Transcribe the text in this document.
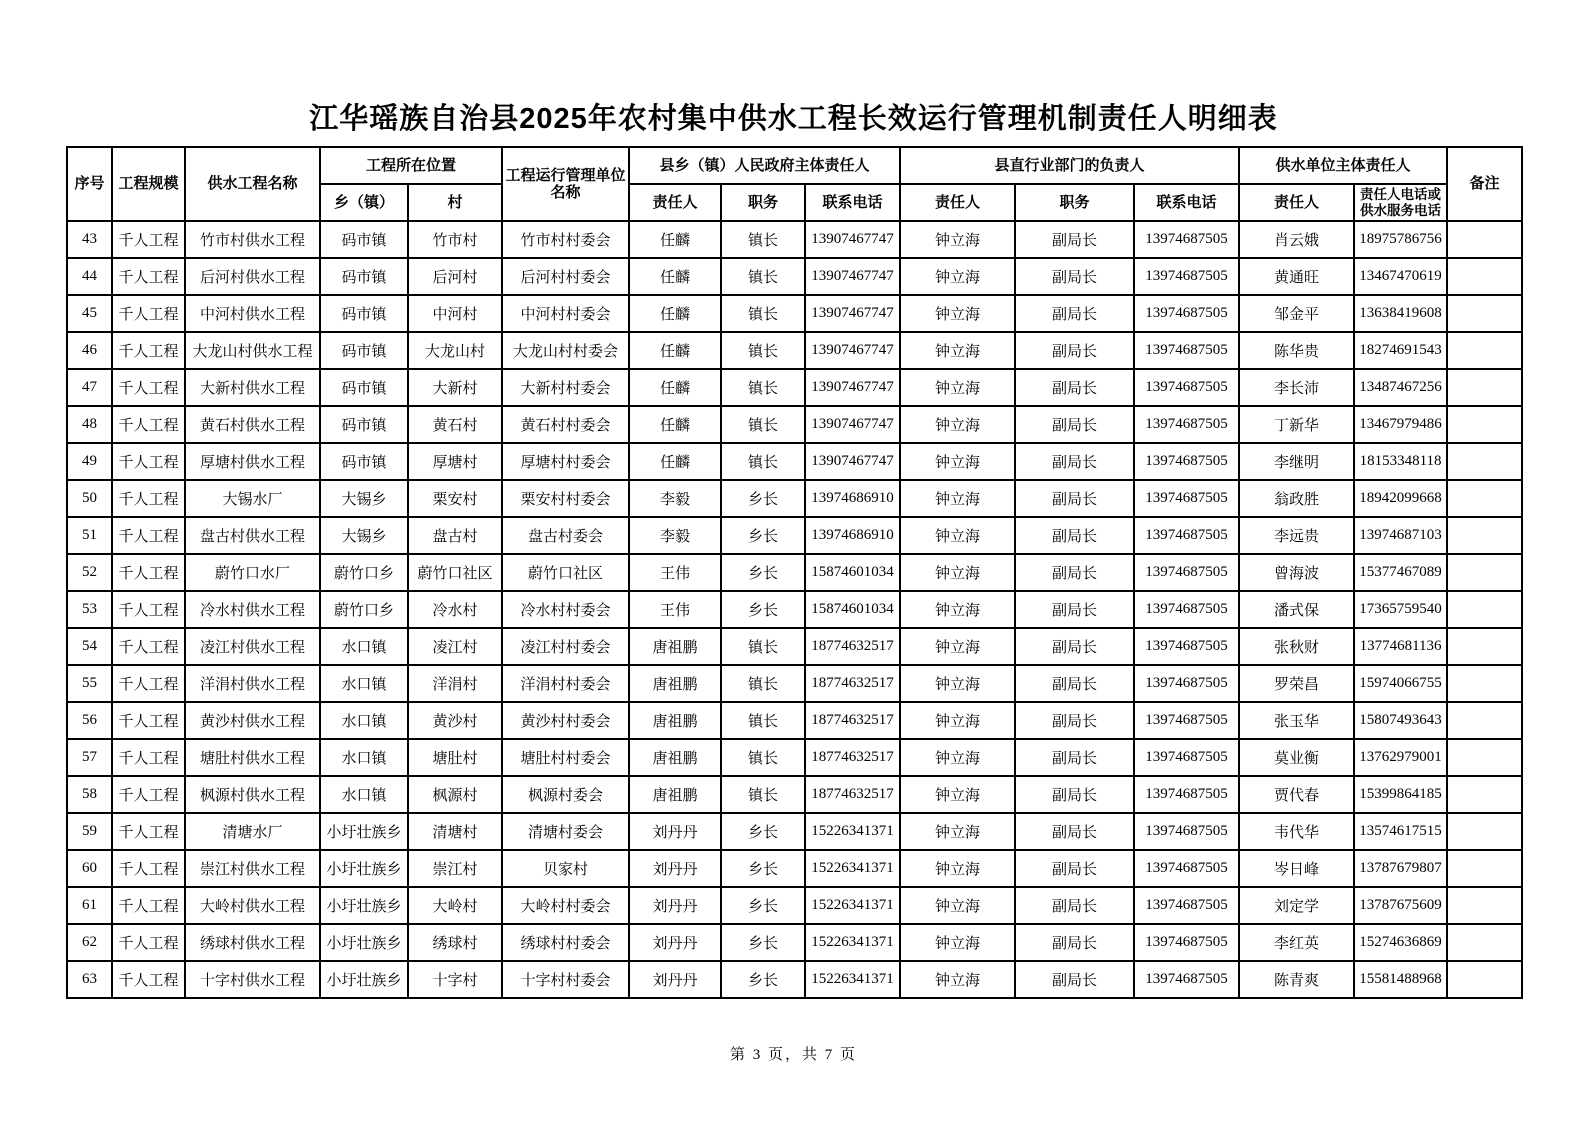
江华瑶族自治县2025年农村集中供水工程长效运行管理机制责任人明细表
序号	工程规模	供水工程名称	工程所在位置		工程运行管理单位名称	县乡（镇）人民政府主体责任人			县直行业部门的负责人			供水单位主体责任人		备注
			乡（镇）	村		责任人	职务	联系电话	责任人	职务	联系电话	责任人	责任人电话或供水服务电话	
43	千人工程	竹市村供水工程	码市镇	竹市村	竹市村村委会	任麟	镇长	13907467747	钟立海	副局长	13974687505	肖云娥	18975786756	
44	千人工程	后河村供水工程	码市镇	后河村	后河村村委会	任麟	镇长	13907467747	钟立海	副局长	13974687505	黄通旺	13467470619	
45	千人工程	中河村供水工程	码市镇	中河村	中河村村委会	任麟	镇长	13907467747	钟立海	副局长	13974687505	邹金平	13638419608	
46	千人工程	大龙山村供水工程	码市镇	大龙山村	大龙山村村委会	任麟	镇长	13907467747	钟立海	副局长	13974687505	陈华贵	18274691543	
47	千人工程	大新村供水工程	码市镇	大新村	大新村村委会	任麟	镇长	13907467747	钟立海	副局长	13974687505	李长沛	13487467256	
48	千人工程	黄石村供水工程	码市镇	黄石村	黄石村村委会	任麟	镇长	13907467747	钟立海	副局长	13974687505	丁新华	13467979486	
49	千人工程	厚塘村供水工程	码市镇	厚塘村	厚塘村村委会	任麟	镇长	13907467747	钟立海	副局长	13974687505	李继明	18153348118	
50	千人工程	大锡水厂	大锡乡	栗安村	栗安村村委会	李毅	乡长	13974686910	钟立海	副局长	13974687505	翁政胜	18942099668	
51	千人工程	盘古村供水工程	大锡乡	盘古村	盘古村委会	李毅	乡长	13974686910	钟立海	副局长	13974687505	李远贵	13974687103	
52	千人工程	蔚竹口水厂	蔚竹口乡	蔚竹口社区	蔚竹口社区	王伟	乡长	15874601034	钟立海	副局长	13974687505	曾海波	15377467089	
53	千人工程	冷水村供水工程	蔚竹口乡	冷水村	冷水村村委会	王伟	乡长	15874601034	钟立海	副局长	13974687505	潘式保	17365759540	
54	千人工程	凌江村供水工程	水口镇	凌江村	凌江村村委会	唐祖鹏	镇长	18774632517	钟立海	副局长	13974687505	张秋财	13774681136	
55	千人工程	洋涓村供水工程	水口镇	洋涓村	洋涓村村委会	唐祖鹏	镇长	18774632517	钟立海	副局长	13974687505	罗荣昌	15974066755	
56	千人工程	黄沙村供水工程	水口镇	黄沙村	黄沙村村委会	唐祖鹏	镇长	18774632517	钟立海	副局长	13974687505	张玉华	15807493643	
57	千人工程	塘肚村供水工程	水口镇	塘肚村	塘肚村村委会	唐祖鹏	镇长	18774632517	钟立海	副局长	13974687505	莫业衡	13762979001	
58	千人工程	枫源村供水工程	水口镇	枫源村	枫源村委会	唐祖鹏	镇长	18774632517	钟立海	副局长	13974687505	贾代春	15399864185	
59	千人工程	清塘水厂	小圩壮族乡	清塘村	清塘村委会	刘丹丹	乡长	15226341371	钟立海	副局长	13974687505	韦代华	13574617515	
60	千人工程	崇江村供水工程	小圩壮族乡	崇江村	贝家村	刘丹丹	乡长	15226341371	钟立海	副局长	13974687505	岑日峰	13787679807	
61	千人工程	大岭村供水工程	小圩壮族乡	大岭村	大岭村村委会	刘丹丹	乡长	15226341371	钟立海	副局长	13974687505	刘定学	13787675609	
62	千人工程	绣球村供水工程	小圩壮族乡	绣球村	绣球村村委会	刘丹丹	乡长	15226341371	钟立海	副局长	13974687505	李红英	15274636869	
63	千人工程	十字村供水工程	小圩壮族乡	十字村	十字村村委会	刘丹丹	乡长	15226341371	钟立海	副局长	13974687505	陈青爽	15581488968	
第 3 页，共 7 页
